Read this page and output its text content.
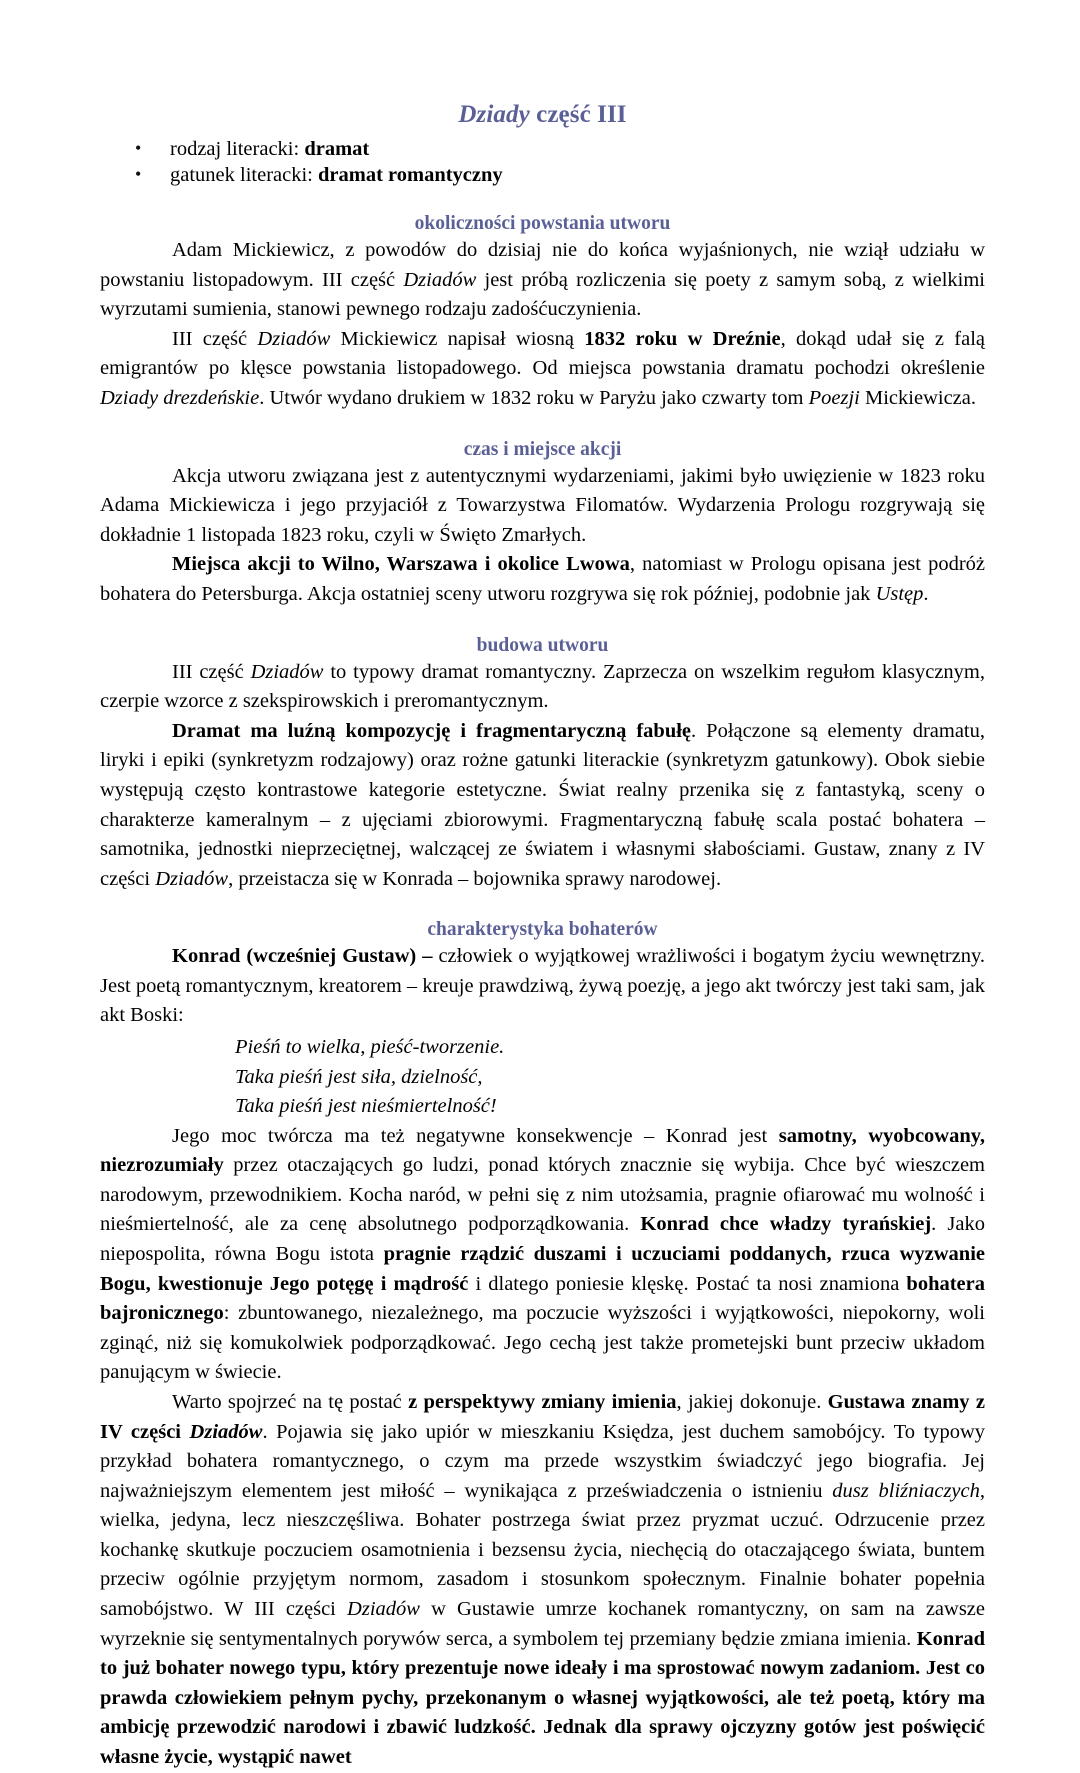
Dziady część III
• rodzaj literacki: dramat
• gatunek literacki: dramat romantyczny
okoliczności powstania utworu

Adam Mickiewicz, z powodów do dzisiaj nie do końca wyjaśnionych, nie wziął udziału w powstaniu listopadowym. III część Dziadów jest próbą rozliczenia się poety z samym sobą, z wielkimi wyrzutami sumienia, stanowi pewnego rodzaju zadośćuczynienia.

III część Dziadów Mickiewicz napisał wiosną 1832 roku w Dreźnie, dokąd udał się z falą emigrantów po klęsce powstania listopadowego. Od miejsca powstania dramatu pochodzi określenie Dziady drezdeńskie. Utwór wydano drukiem w 1832 roku w Paryżu jako czwarty tom Poezji Mickiewicza.

czas i miejsce akcji

Akcja utworu związana jest z autentycznymi wydarzeniami, jakimi było uwięzienie w 1823 roku Adama Mickiewicza i jego przyjaciół z Towarzystwa Filomatów. Wydarzenia Prologu rozgrywają się dokładnie 1 listopada 1823 roku, czyli w Święto Zmarłych.

Miejsca akcji to Wilno, Warszawa i okolice Lwowa, natomiast w Prologu opisana jest podróż bohatera do Petersburga. Akcja ostatniej sceny utworu rozgrywa się rok później, podobnie jak Ustęp.

budowa utworu

III część Dziadów to typowy dramat romantyczny. Zaprzecza on wszelkim regułom klasycznym, czerpie wzorce z szekspirowskich i preromantycznym.

Dramat ma luźną kompozycję i fragmentaryczną fabułę. Połączone są elementy dramatu, liryki i epiki (synkretyzm rodzajowy) oraz rożne gatunki literackie (synkretyzm gatunkowy). Obok siebie występują często kontrastowe kategorie estetyczne. Świat realny przenika się z fantastyką, sceny o charakterze kameralnym – z ujęciami zbiorowymi. Fragmentaryczną fabułę scala postać bohatera – samotnika, jednostki nieprzeciętnej, walczącej ze światem i własnymi słabościami. Gustaw, znany z IV części Dziadów, przeistacza się w Konrada – bojownika sprawy narodowej.

charakterystyka bohaterów

Konrad (wcześniej Gustaw) – człowiek o wyjątkowej wrażliwości i bogatym życiu wewnętrzny. Jest poetą romantycznym, kreatorem – kreuje prawdziwą, żywą poezję, a jego akt twórczy jest taki sam, jak akt Boski:

Pieśń to wielka, pieść-tworzenie.
Taka pieśń jest siła, dzielność,
Taka pieśń jest nieśmiertelność!

Jego moc twórcza ma też negatywne konsekwencje – Konrad jest samotny, wyobcowany, niezrozumiały przez otaczających go ludzi, ponad których znacznie się wybija. Chce być wieszczem narodowym, przewodnikiem. Kocha naród, w pełni się z nim utożsamia, pragnie ofiarować mu wolność i nieśmiertelność, ale za cenę absolutnego podporządkowania. Konrad chce władzy tyrańskiej. Jako niepospolita, równa Bogu istota pragnie rządzić duszami i uczuciami poddanych, rzuca wyzwanie Bogu, kwestionuje Jego potęgę i mądrość i dlatego poniesie klęskę. Postać ta nosi znamiona bohatera bajronicznego: zbuntowanego, niezależnego, ma poczucie wyższości i wyjątkowości, niepokorny, woli zginąć, niż się komukolwiek podporządkować. Jego cechą jest także prometejski bunt przeciw układom panującym w świecie.

Warto spojrzeć na tę postać z perspektywy zmiany imienia, jakiej dokonuje. Gustawa znamy z IV części Dziadów. Pojawia się jako upiór w mieszkaniu Księdza, jest duchem samobójcy. To typowy przykład bohatera romantycznego, o czym ma przede wszystkim świadczyć jego biografia. Jej najważniejszym elementem jest miłość – wynikająca z przeświadczenia o istnieniu dusz bliźniaczych, wielka, jedyna, lecz nieszczęśliwa. Bohater postrzega świat przez pryzmat uczuć. Odrzucenie przez kochankę skutkuje poczuciem osamotnienia i bezsensu życia, niechęcią do otaczającego świata, buntem przeciw ogólnie przyjętym normom, zasadom i stosunkom społecznym. Finalnie bohater popełnia samobójstwo. W III części Dziadów w Gustawie umrze kochanek romantyczny, on sam na zawsze wyrzeknie się sentymentalnych porywów serca, a symbolem tej przemiany będzie zmiana imienia. Konrad to już bohater nowego typu, który prezentuje nowe ideały i ma sprostować nowym zadaniom. Jest co prawda człowiekiem pełnym pychy, przekonanym o własnej wyjątkowości, ale też poetą, który ma ambicję przewodzić narodowi i zbawić ludzkość. Jednak dla sprawy ojczyzny gotów jest poświęcić własne życie, wystąpić nawet
